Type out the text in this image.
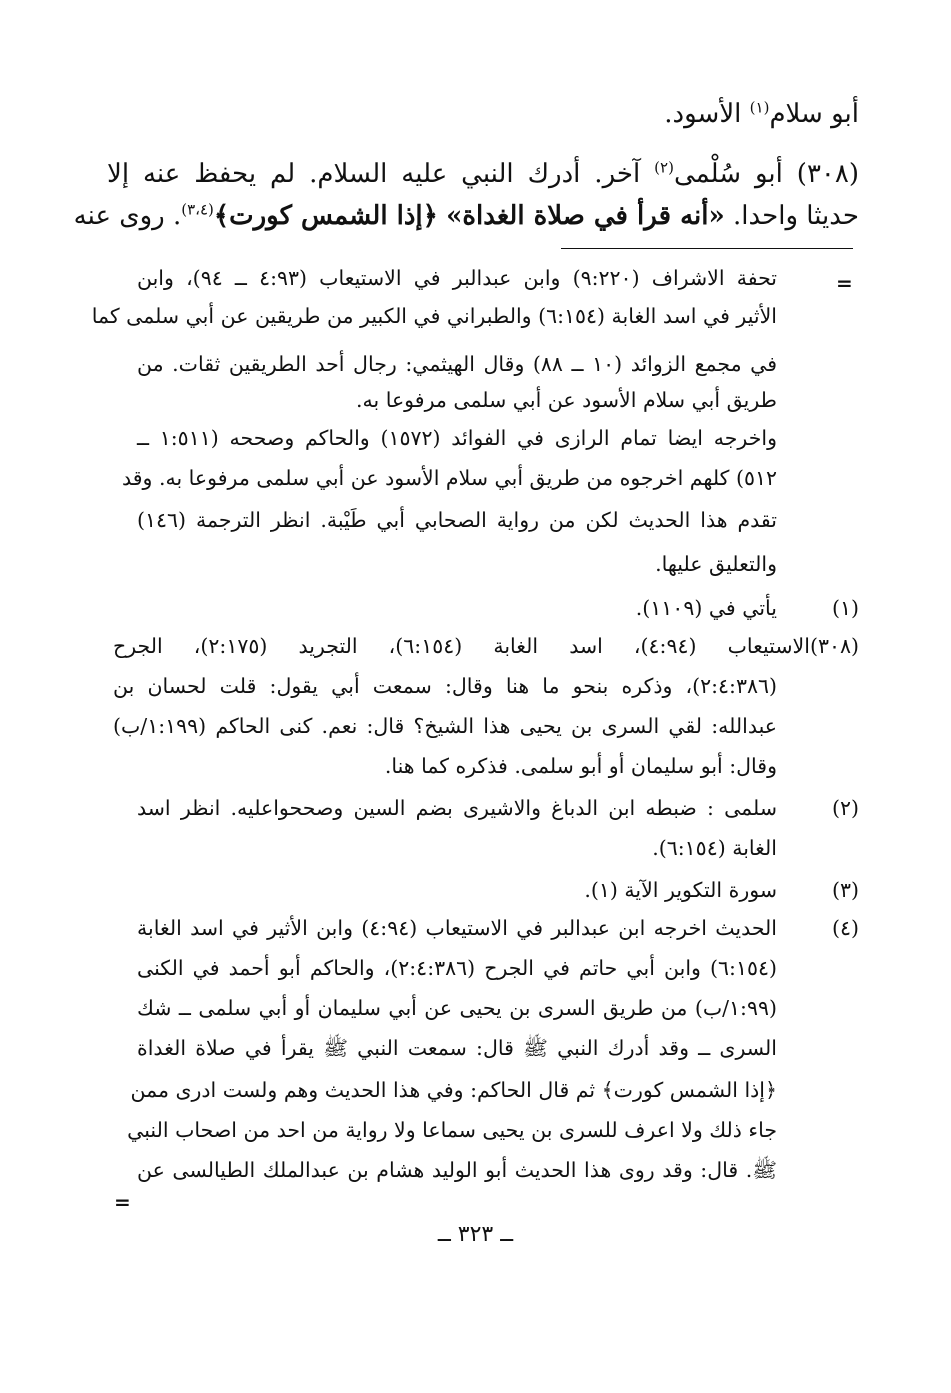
أبو سلام$^{(١)}$ الأسود.
(٣٠٨) أبو سُلْمى$^{(٢)}$ آخر. أدرك النبي عليه السلام. لم يحفظ عنه إلا
حديثا واحدا. «أنه قرأ في صلاة الغداة» ﴿إذا الشمس كورت﴾$^{(٣،٤)}$. روى عنه
=
تحفة الاشراف (٩:٢٢٠) وابن عبدالبر في الاستيعاب (٤:٩٣ ــ ٩٤)، وابن
الأثير في اسد الغابة (٦:١٥٤) والطبراني في الكبير من طريقين عن أبي سلمى كما
في مجمع الزوائد (١٠ ــ ٨٨) وقال الهيثمي: رجال أحد الطريقين ثقات. من
طريق أبي سلام الأسود عن أبي سلمى مرفوعا به.
واخرجه ايضا تمام الرازى في الفوائد (١٥٧٢) والحاكم وصححه (١:٥١١ ــ
٥١٢) كلهم اخرجوه من طريق أبي سلام الأسود عن أبي سلمى مرفوعا به. وقد
تقدم هذا الحديث لكن من رواية الصحابي أبي طَيْبة. انظر الترجمة (١٤٦)
والتعليق عليها.
(١)
يأتي في (١١٠٩).
(٣٠٨)الاستيعاب (٤:٩٤)، اسد الغابة (٦:١٥٤)، التجريد (٢:١٧٥)، الجرح
(٢:٤:٣٨٦)، وذكره بنحو ما هنا وقال: سمعت أبي يقول: قلت لحسان بن
عبدالله: لقي السرى بن يحيى هذا الشيخ؟ قال: نعم. كنى الحاكم (١:١٩٩/ب)
وقال: أبو سليمان أو أبو سلمى. فذكره كما هنا.
(٢)
سلمى : ضبطه ابن الدباغ والاشيرى بضم السين وصححواعليه. انظر اسد
الغابة (٦:١٥٤).
(٣)
سورة التكوير الآية (١).
(٤)
الحديث اخرجه ابن عبدالبر في الاستيعاب (٤:٩٤) وابن الأثير في اسد الغابة
(٦:١٥٤) وابن أبي حاتم في الجرح (٢:٤:٣٨٦)، والحاكم أبو أحمد في الكنى
(١:٩٩/ب) من طريق السرى بن يحيى عن أبي سليمان أو أبي سلمى ــ شك
السرى ــ وقد أدرك النبي ﷺ قال: سمعت النبي ﷺ يقرأ في صلاة الغداة
﴿إذا الشمس كورت﴾ ثم قال الحاكم: وفي هذا الحديث وهم ولست ادرى ممن
جاء ذلك ولا اعرف للسرى بن يحيى سماعا ولا رواية من احد من اصحاب النبي
ﷺ. قال: وقد روى هذا الحديث أبو الوليد هشام بن عبدالملك الطيالسى عن
=
ــ ٣٢٣ ــ
